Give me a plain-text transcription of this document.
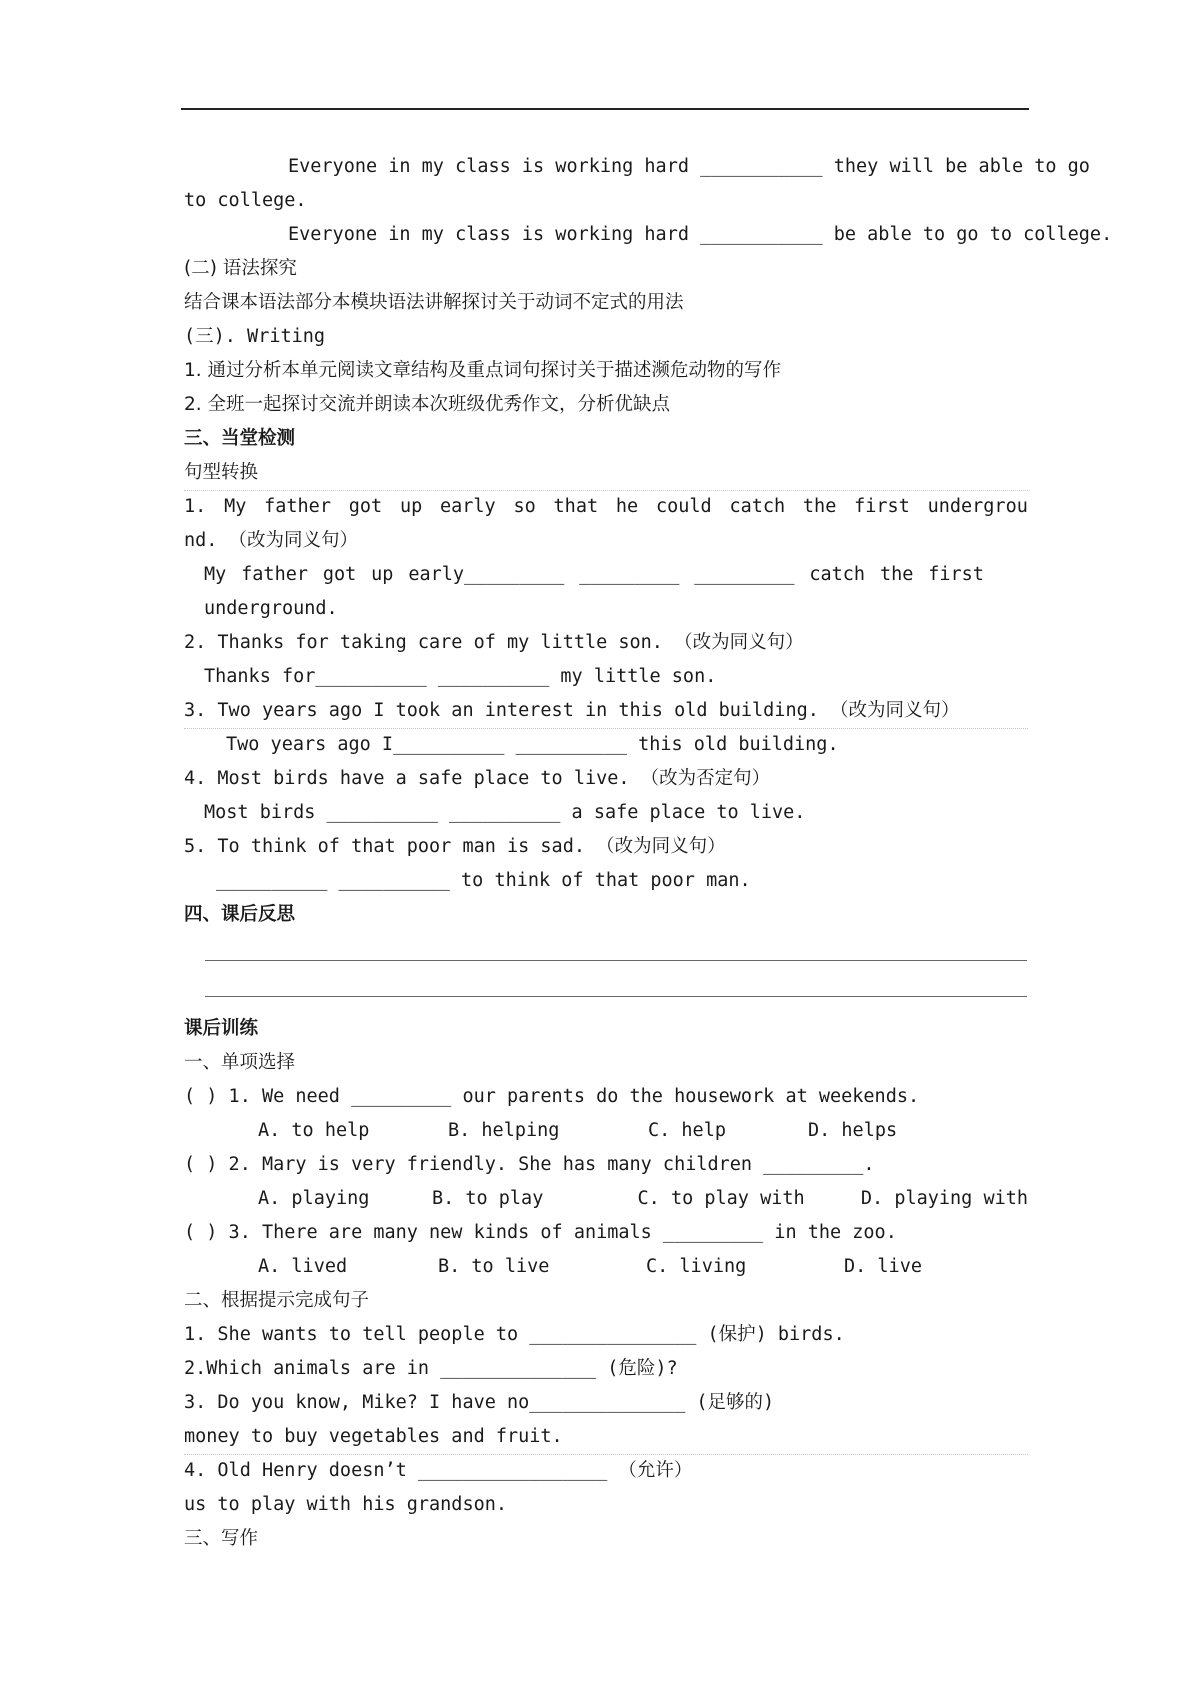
Everyone in my class is working hard ___________ they will be able to go
to college.
Everyone in my class is working hard ___________ be able to go to college.
(二) 语法探究
结合课本语法部分本模块语法讲解探讨关于动词不定式的用法
(三). Writing
1. 通过分析本单元阅读文章结构及重点词句探讨关于描述濒危动物的写作
2. 全班一起探讨交流并朗读本次班级优秀作文，分析优缺点
三、当堂检测
句型转换
1. My father got up early so that he could catch the first undergrou
nd. （改为同义句）
My father got up early_________ _________ _________ catch the first
underground.
2. Thanks for taking care of my little son. （改为同义句）
Thanks for__________ __________ my little son.
3. Two years ago I took an interest in this old building. （改为同义句）
Two years ago I__________ __________ this old building.
4. Most birds have a safe place to live. （改为否定句）
Most birds __________ __________ a safe place to live.
5. To think of that poor man is sad. （改为同义句）
__________ __________ to think of that poor man.
四、课后反思
课后训练
一、单项选择
( ) 1. We need _________ our parents do the housework at weekends.
A. to help	B. helping	C. help	D. helps
( ) 2. Mary is very friendly. She has many children _________.
A. playing	B. to play	C. to play with	D. playing with
( ) 3. There are many new kinds of animals _________ in the zoo.
A. lived	B. to live	C. living	D. live
二、根据提示完成句子
1. She wants to tell people to _______________ (保护) birds.
2.Which animals are in ______________ (危险)?
3. Do you know, Mike? I have no______________ (足够的)
money to buy vegetables and fruit.
4. Old Henry doesn’t _________________ （允许）
us to play with his grandson.
三、写作
